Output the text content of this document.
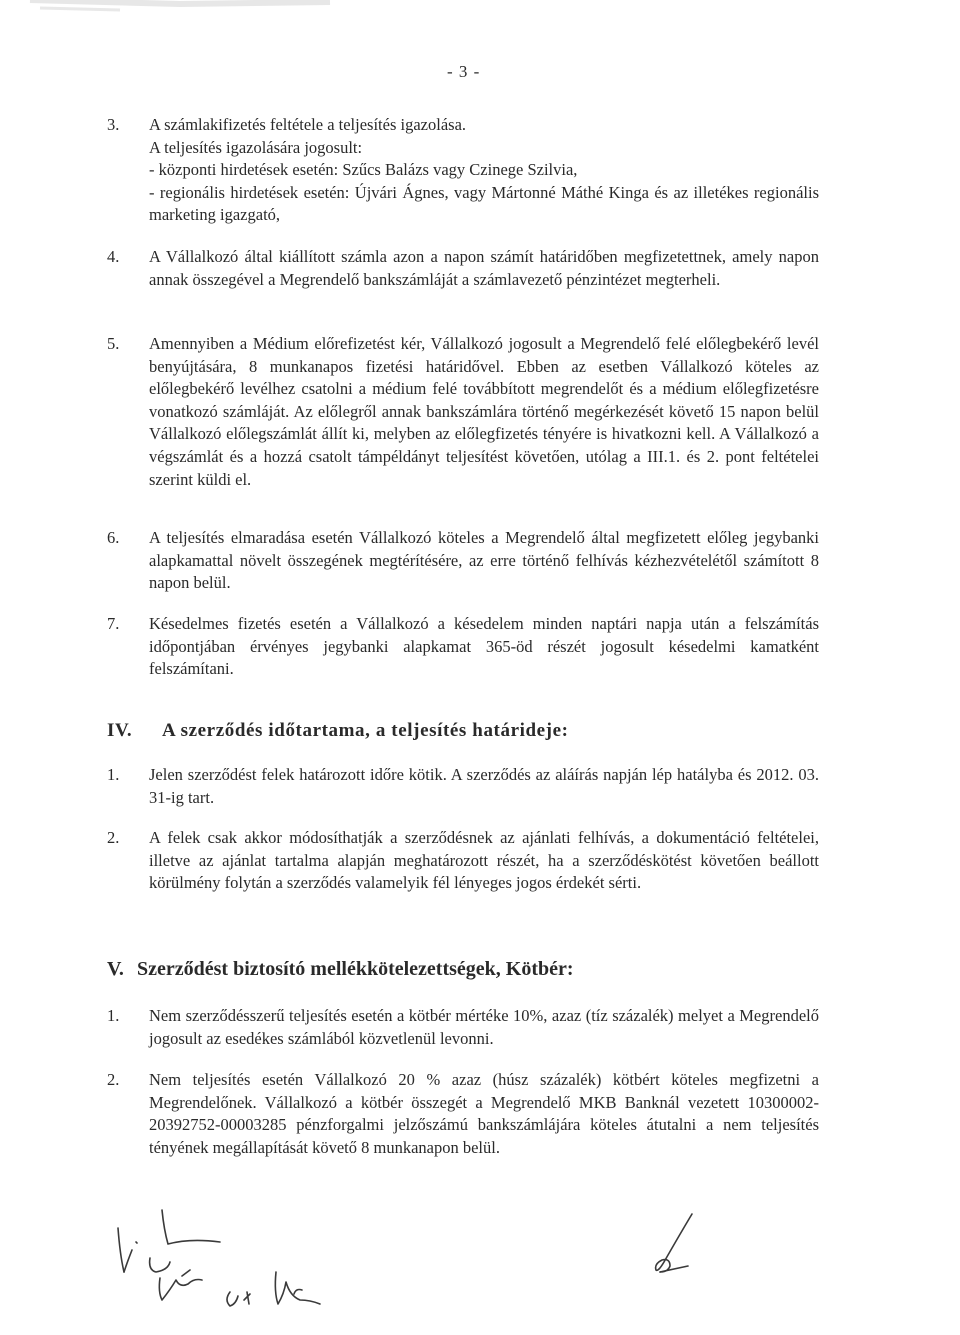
- 3 -
3. A számlakifizetés feltétele a teljesítés igazolása.

A teljesítés igazolására jogosult:

- központi hirdetések esetén: Szűcs Balázs vagy Czinege Szilvia,

- regionális hirdetések esetén: Újvári Ágnes, vagy Mártonné Máthé Kinga és az illetékes regionális marketing igazgató,

4. A Vállalkozó által kiállított számla azon a napon számít határidőben megfizetettnek, amely napon annak összegével a Megrendelő bankszámláját a számlavezető pénzintézet megterheli.

5. Amennyiben a Médium előrefizetést kér, Vállalkozó jogosult a Megrendelő felé előlegbekérő levél benyújtására, 8 munkanapos fizetési határidővel. Ebben az esetben Vállalkozó köteles az előlegbekérő levélhez csatolni a médium felé továbbított megrendelőt és a médium előlegfizetésre vonatkozó számláját. Az előlegről annak bankszámlára történő megérkezését követő 15 napon belül Vállalkozó előlegszámlát állít ki, melyben az előlegfizetés tényére is hivatkozni kell. A Vállalkozó a végszámlát és a hozzá csatolt támpéldányt teljesítést követően, utólag a III.1. és 2. pont feltételei szerint küldi el.

6. A teljesítés elmaradása esetén Vállalkozó köteles a Megrendelő által megfizetett előleg jegybanki alapkamattal növelt összegének megtérítésére, az erre történő felhívás kézhezvételétől számított 8 napon belül.

7. Késedelmes fizetés esetén a Vállalkozó a késedelem minden naptári napja után a felszámítás időpontjában érvényes jegybanki alapkamat 365-öd részét jogosult késedelmi kamatként felszámítani.

IV. A szerződés időtartama, a teljesítés határideje:
1. Jelen szerződést felek határozott időre kötik. A szerződés az aláírás napján lép hatályba és 2012. 03. 31-ig tart.

2. A felek csak akkor módosíthatják a szerződésnek az ajánlati felhívás, a dokumentáció feltételei, illetve az ajánlat tartalma alapján meghatározott részét, ha a szerződéskötést követően beállott körülmény folytán a szerződés valamelyik fél lényeges jogos érdekét sérti.

V. Szerződést biztosító mellékkötelezettségek, Kötbér:
1. Nem szerződésszerű teljesítés esetén a kötbér mértéke 10%, azaz (tíz százalék) melyet a Megrendelő jogosult az esedékes számlából közvetlenül levonni.

2. Nem teljesítés esetén Vállalkozó 20 % azaz (húsz százalék) kötbért köteles megfizetni a Megrendelőnek. Vállalkozó a kötbér összegét a Megrendelő MKB Banknál vezetett 10300002-20392752-00003285 pénzforgalmi jelzőszámú bankszámlájára köteles átutalni a nem teljesítés tényének megállapítását követő 8 munkanapon belül.
